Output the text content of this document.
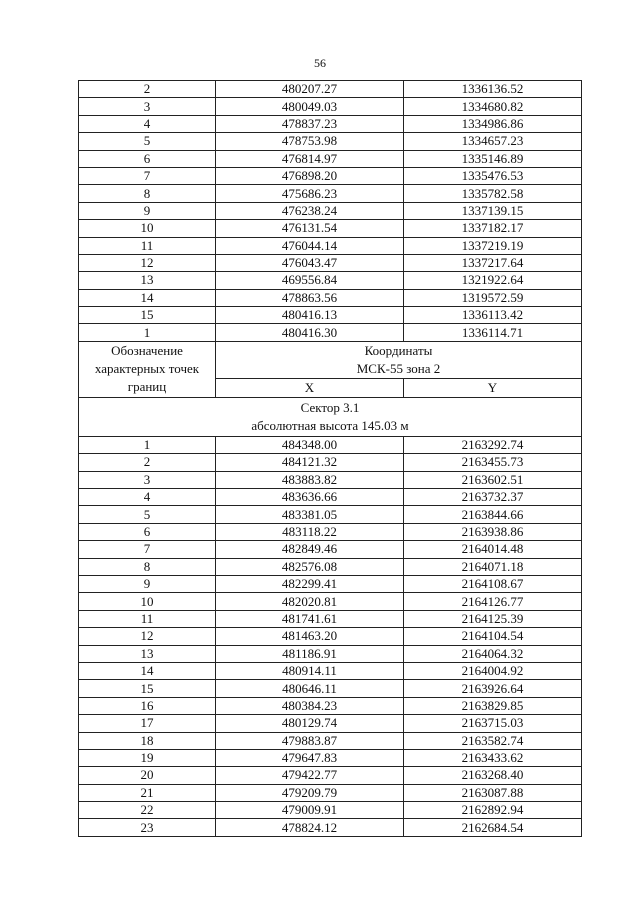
56
2	480207.27	1336136.52
3	480049.03	1334680.82
4	478837.23	1334986.86
5	478753.98	1334657.23
6	476814.97	1335146.89
7	476898.20	1335476.53
8	475686.23	1335782.58
9	476238.24	1337139.15
10	476131.54	1337182.17
11	476044.14	1337219.19
12	476043.47	1337217.64
13	469556.84	1321922.64
14	478863.56	1319572.59
15	480416.13	1336113.42
1	480416.30	1336114.71

Обозначение
характерных точек
границ	Координаты
МСК-55 зона 2	

	X	Y

Сектор 3.1
абсолютная высота 145.03 м		

1	484348.00	2163292.74
2	484121.32	2163455.73
3	483883.82	2163602.51
4	483636.66	2163732.37
5	483381.05	2163844.66
6	483118.22	2163938.86
7	482849.46	2164014.48
8	482576.08	2164071.18
9	482299.41	2164108.67
10	482020.81	2164126.77
11	481741.61	2164125.39
12	481463.20	2164104.54
13	481186.91	2164064.32
14	480914.11	2164004.92
15	480646.11	2163926.64
16	480384.23	2163829.85
17	480129.74	2163715.03
18	479883.87	2163582.74
19	479647.83	2163433.62
20	479422.77	2163268.40
21	479209.79	2163087.88
22	479009.91	2162892.94
23	478824.12	2162684.54
